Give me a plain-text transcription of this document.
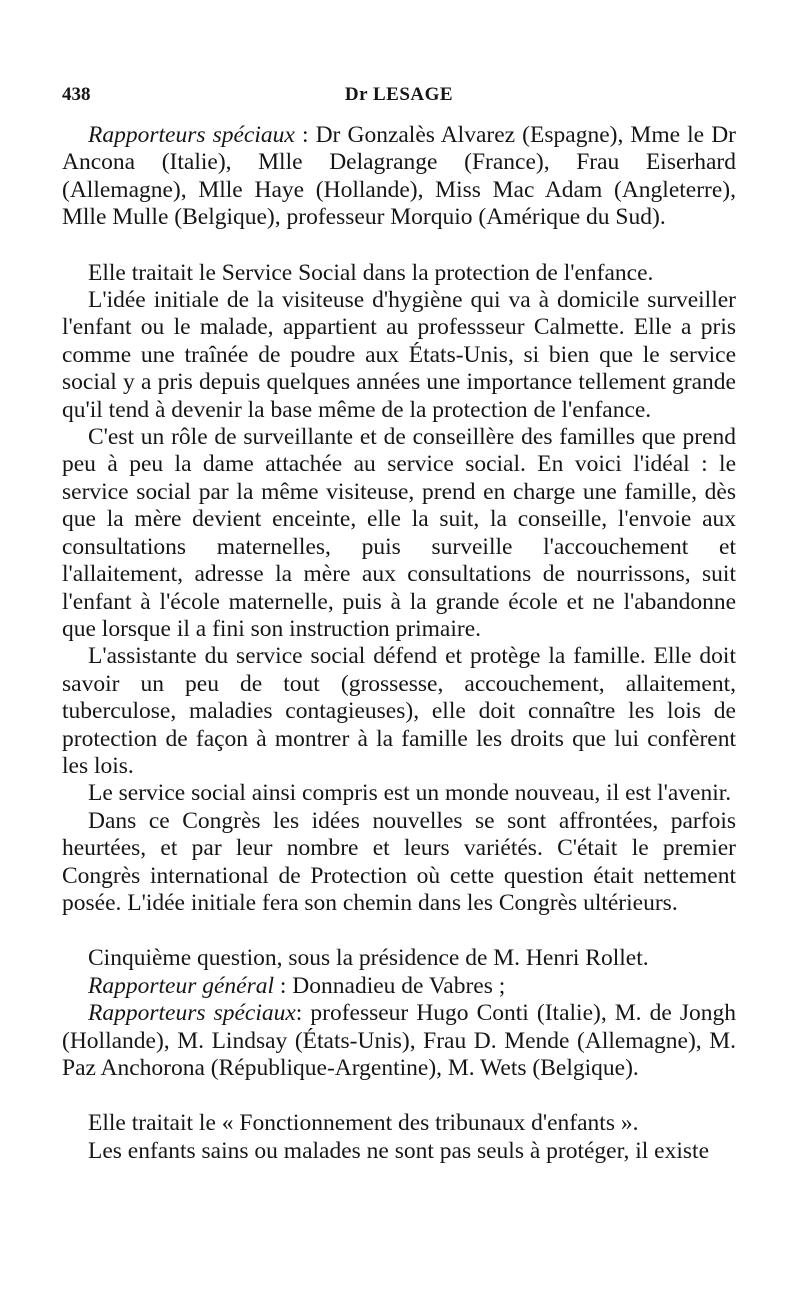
438	Dr LESAGE

Rapporteurs spéciaux : Dr Gonzalès Alvarez (Espagne), Mme le Dr Ancona (Italie), Mlle Delagrange (France), Frau Eiserhard (Allemagne), Mlle Haye (Hollande), Miss Mac Adam (Angleterre), Mlle Mulle (Belgique), professeur Morquio (Amérique du Sud).

Elle traitait le Service Social dans la protection de l'enfance.

L'idée initiale de la visiteuse d'hygiène qui va à domicile surveiller l'enfant ou le malade, appartient au professseur Calmette. Elle a pris comme une traînée de poudre aux États-Unis, si bien que le service social y a pris depuis quelques années une importance tellement grande qu'il tend à devenir la base même de la protection de l'enfance.

C'est un rôle de surveillante et de conseillère des familles que prend peu à peu la dame attachée au service social. En voici l'idéal : le service social par la même visiteuse, prend en charge une famille, dès que la mère devient enceinte, elle la suit, la conseille, l'envoie aux consultations maternelles, puis surveille l'accouchement et l'allaitement, adresse la mère aux consultations de nourrissons, suit l'enfant à l'école maternelle, puis à la grande école et ne l'abandonne que lorsque il a fini son instruction primaire.

L'assistante du service social défend et protège la famille. Elle doit savoir un peu de tout (grossesse, accouchement, allaitement, tuberculose, maladies contagieuses), elle doit connaître les lois de protection de façon à montrer à la famille les droits que lui confèrent les lois.

Le service social ainsi compris est un monde nouveau, il est l'avenir.

Dans ce Congrès les idées nouvelles se sont affrontées, parfois heurtées, et par leur nombre et leurs variétés. C'était le premier Congrès international de Protection où cette question était nettement posée. L'idée initiale fera son chemin dans les Congrès ultérieurs.

Cinquième question, sous la présidence de M. Henri Rollet.

Rapporteur général : Donnadieu de Vabres ;

Rapporteurs spéciaux: professeur Hugo Conti (Italie), M. de Jongh (Hollande), M. Lindsay (États-Unis), Frau D. Mende (Allemagne), M. Paz Anchorona (République-Argentine), M. Wets (Belgique).

Elle traitait le « Fonctionnement des tribunaux d'enfants ».

Les enfants sains ou malades ne sont pas seuls à protéger, il existe
